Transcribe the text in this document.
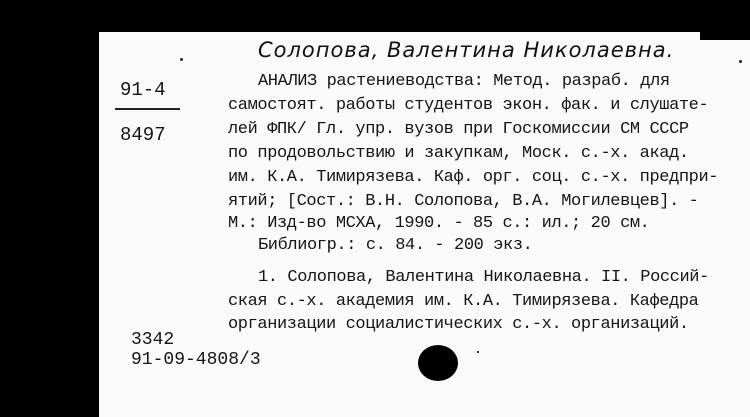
Солопова, Валентина Николаевна.
91-4
8497
АНАЛИЗ растениеводства: Метод. разраб. для
самостоят. работы студентов экон. фак. и слушате-
лей ФПК/ Гл. упр. вузов при Госкомиссии СМ СССР
по продовольствию и закупкам, Моск. с.-х. акад.
им. К.А. Тимирязева. Каф. орг. соц. с.-х. предпри-
ятий; [Сост.: В.Н. Солопова, В.А. Могилевцев]. -
М.: Изд-во МСХА, 1990. - 85 с.: ил.; 20 см.
Библиогр.: с. 84. - 200 экз.
1. Солопова, Валентина Николаевна. II. Россий-
ская с.-х. академия им. К.А. Тимирязева. Кафедра
организации социалистических с.-х. организаций.
3342
91-09-4808/3
